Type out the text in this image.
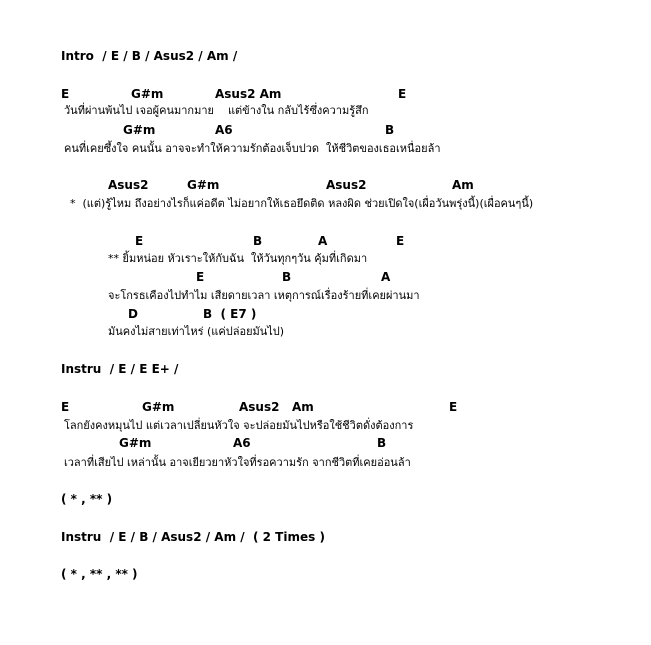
Intro  / E / B / Asus2 / Am /
E	G#m	Asus2 Am	E
วันที่ผ่านพ้นไป เจอผู้คนมากมาย    แต่ข้างใน กลับไร้ซึ่งความรู้สึก
G#m	A6	B
คนที่เคยซึ้งใจ คนนั้น อาจจะทำให้ความรักต้องเจ็บปวด  ให้ชีวิตของเธอเหนื่อยล้า
Asus2	G#m	Asus2	Am
*  (แต่)รู้ไหม ถึงอย่างไรก็แค่อดีต ไม่อยากให้เธอยึดติด หลงผิด ช่วยเปิดใจ(เผื่อวันพรุ่งนี้)(เผื่อคนๆนี้)
E	B	A	E
** ยิ้มหน่อย หัวเราะให้กับฉัน  ให้วันทุกๆวัน คุ้มที่เกิดมา
E	B	A
จะโกรธเคืองไปทำไม เสียดายเวลา เหตุการณ์เรื่องร้ายที่เคยผ่านมา
D	B  ( E7 )
มันคงไม่สายเท่าไหร่ (แค่ปล่อยมันไป)
Instru  / E / E E+ /
E	G#m	Asus2   Am	E
โลกยังคงหมุนไป แต่เวลาเปลี่ยนหัวใจ จะปล่อยมันไปหรือใช้ชีวิตดั่งต้องการ
G#m	A6	B
เวลาที่เสียไป เหล่านั้น อาจเยียวยาหัวใจที่รอความรัก จากชีวิตที่เคยอ่อนล้า
( * , ** )
Instru  / E / B / Asus2 / Am /  ( 2 Times )
( * , ** , ** )
